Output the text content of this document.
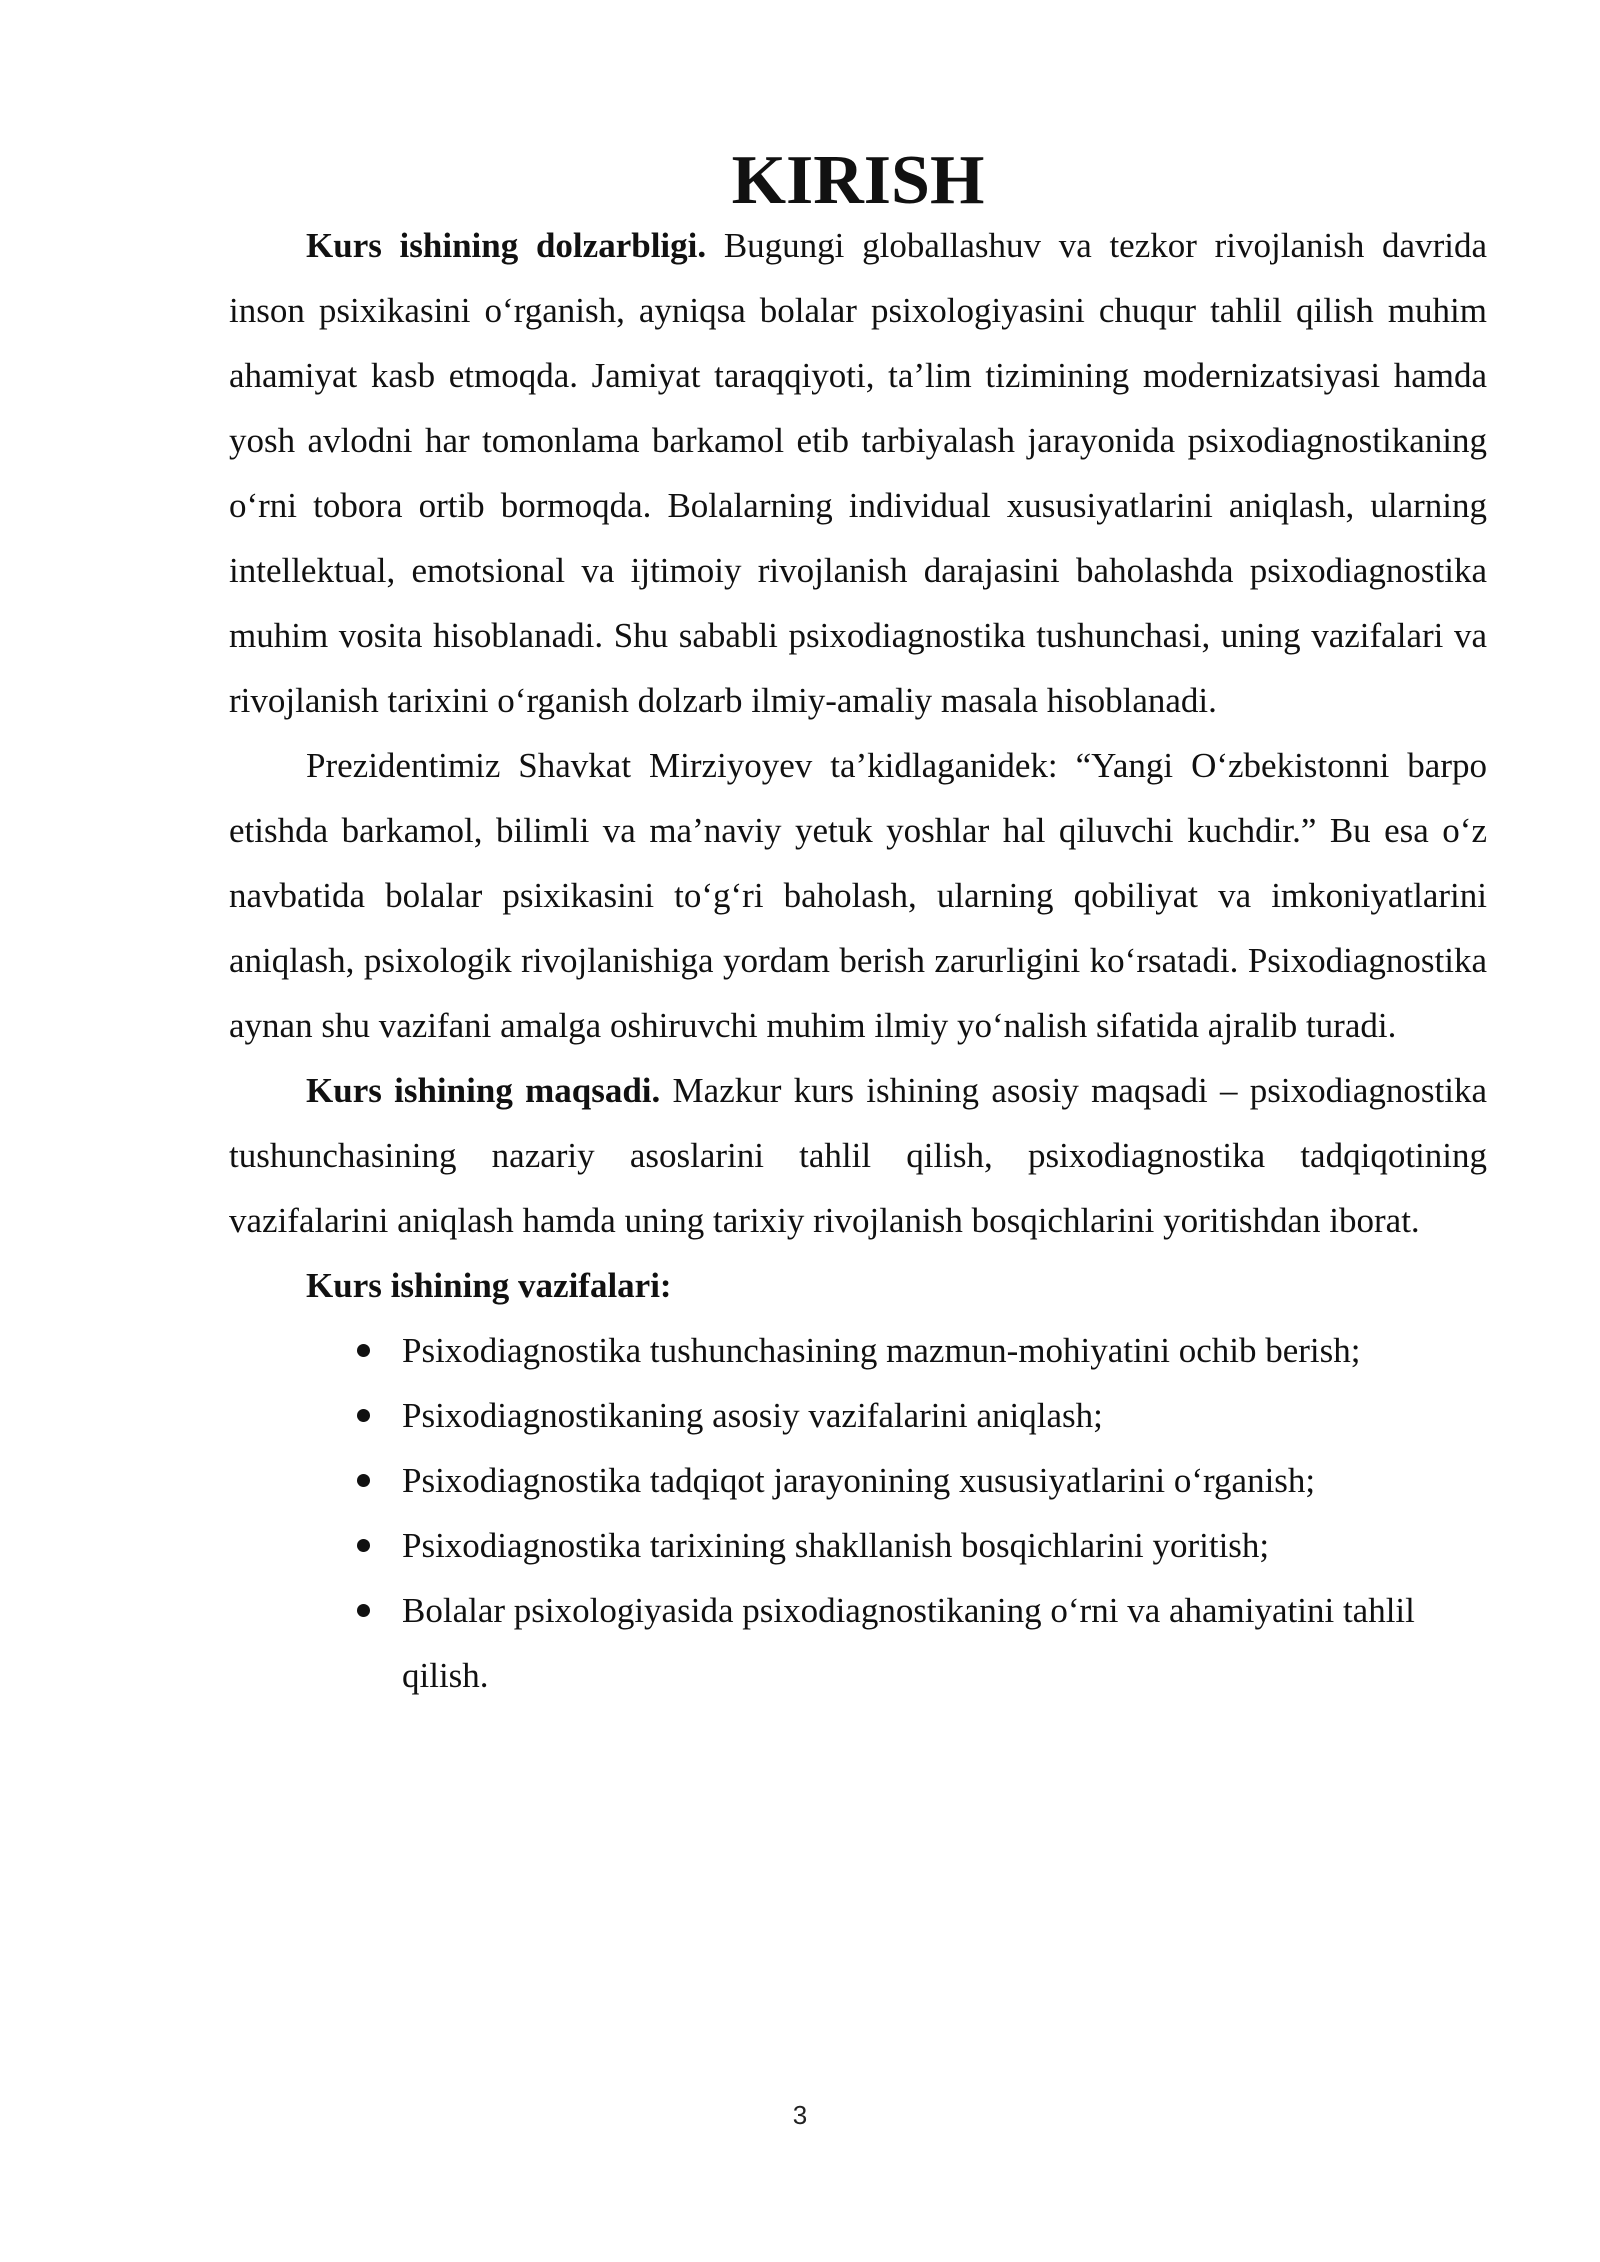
KIRISH

Kurs ishining dolzarbligi. Bugungi globallashuv va tezkor rivojlanish davrida inson psixikasini o‘rganish, ayniqsa bolalar psixologiyasini chuqur tahlil qilish muhim ahamiyat kasb etmoqda. Jamiyat taraqqiyoti, ta’lim tizimining modernizatsiyasi hamda yosh avlodni har tomonlama barkamol etib tarbiyalash jarayonida psixodiagnostikaning o‘rni tobora ortib bormoqda. Bolalarning individual xususiyatlarini aniqlash, ularning intellektual, emotsional va ijtimoiy rivojlanish darajasini baholashda psixodiagnostika muhim vosita hisoblanadi. Shu sababli psixodiagnostika tushunchasi, uning vazifalari va rivojlanish tarixini o‘rganish dolzarb ilmiy-amaliy masala hisoblanadi.

Prezidentimiz Shavkat Mirziyoyev ta’kidlaganidek: “Yangi O‘zbekistonni barpo etishda barkamol, bilimli va ma’naviy yetuk yoshlar hal qiluvchi kuchdir.” Bu esa o‘z navbatida bolalar psixikasini to‘g‘ri baholash, ularning qobiliyat va imkoniyatlarini aniqlash, psixologik rivojlanishiga yordam berish zarurligini ko‘rsatadi. Psixodiagnostika aynan shu vazifani amalga oshiruvchi muhim ilmiy yo‘nalish sifatida ajralib turadi.

Kurs ishining maqsadi. Mazkur kurs ishining asosiy maqsadi – psixodiagnostika tushunchasining nazariy asoslarini tahlil qilish, psixodiagnostika tadqiqotining vazifalarini aniqlash hamda uning tarixiy rivojlanish bosqichlarini yoritishdan iborat.

Kurs ishining vazifalari:

Psixodiagnostika tushunchasining mazmun-mohiyatini ochib berish;
Psixodiagnostikaning asosiy vazifalarini aniqlash;
Psixodiagnostika tadqiqot jarayonining xususiyatlarini o‘rganish;
Psixodiagnostika tarixining shakllanish bosqichlarini yoritish;
Bolalar psixologiyasida psixodiagnostikaning o‘rni va ahamiyatini tahlil qilish.
3
